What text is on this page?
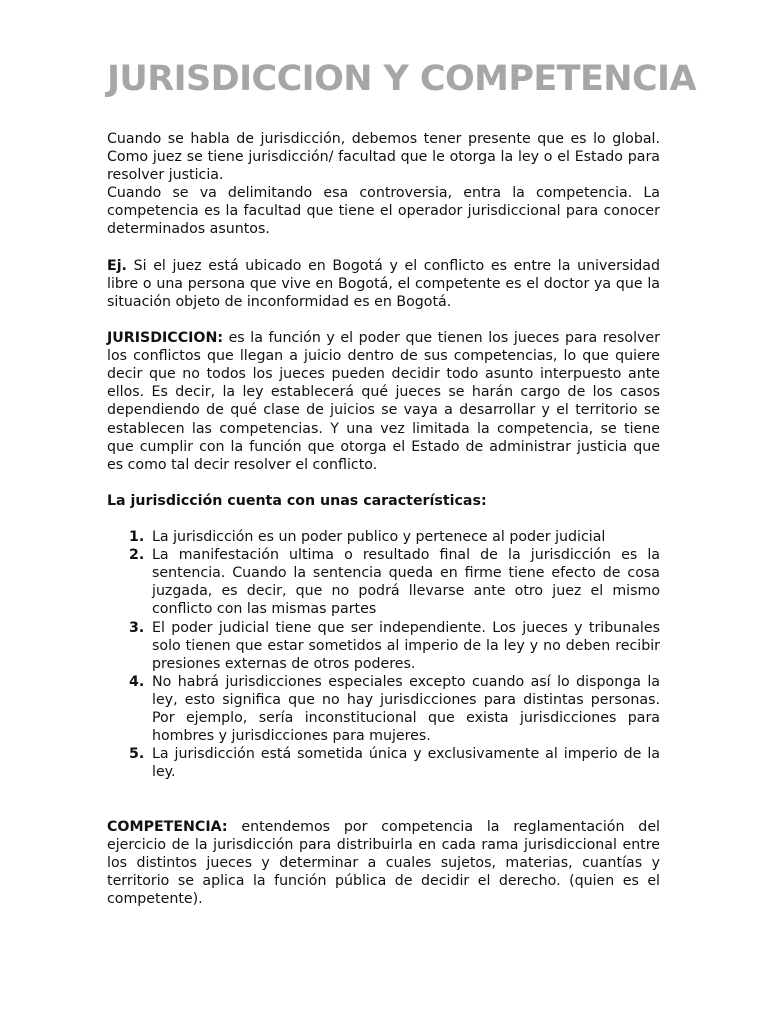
JURISDICCION Y COMPETENCIA

Cuando se habla de jurisdicción, debemos tener presente que es lo global. Como juez se tiene jurisdicción/ facultad que le otorga la ley o el Estado para resolver justicia.

Cuando se va delimitando esa controversia, entra la competencia. La competencia es la facultad que tiene el operador jurisdiccional para conocer determinados asuntos.

Ej. Si el juez está ubicado en Bogotá y el conflicto es entre la universidad libre o una persona que vive en Bogotá, el competente es el doctor ya que la situación objeto de inconformidad es en Bogotá.

JURISDICCION: es la función y el poder que tienen los jueces para resolver los conflictos que llegan a juicio dentro de sus competencias, lo que quiere decir que no todos los jueces pueden decidir todo asunto interpuesto ante ellos. Es decir, la ley establecerá qué jueces se harán cargo de los casos dependiendo de qué clase de juicios se vaya a desarrollar y el territorio se establecen las competencias. Y una vez limitada la competencia, se tiene que cumplir con la función que otorga el Estado de administrar justicia que es como tal decir resolver el conflicto.

La jurisdicción cuenta con unas características:

1. La jurisdicción es un poder publico y pertenece al poder judicial
2. La manifestación ultima o resultado final de la jurisdicción es la sentencia. Cuando la sentencia queda en firme tiene efecto de cosa juzgada, es decir, que no podrá llevarse ante otro juez el mismo conflicto con las mismas partes
3. El poder judicial tiene que ser independiente. Los jueces y tribunales solo tienen que estar sometidos al imperio de la ley y no deben recibir presiones externas de otros poderes.
4. No habrá jurisdicciones especiales excepto cuando así lo disponga la ley, esto significa que no hay jurisdicciones para distintas personas. Por ejemplo, sería inconstitucional que exista jurisdicciones para hombres y jurisdicciones para mujeres.
5. La jurisdicción está sometida única y exclusivamente al imperio de la ley.

COMPETENCIA: entendemos por competencia la reglamentación del ejercicio de la jurisdicción para distribuirla en cada rama jurisdiccional entre los distintos jueces y determinar a cuales sujetos, materias, cuantías y territorio se aplica la función pública de decidir el derecho. (quien es el competente).
